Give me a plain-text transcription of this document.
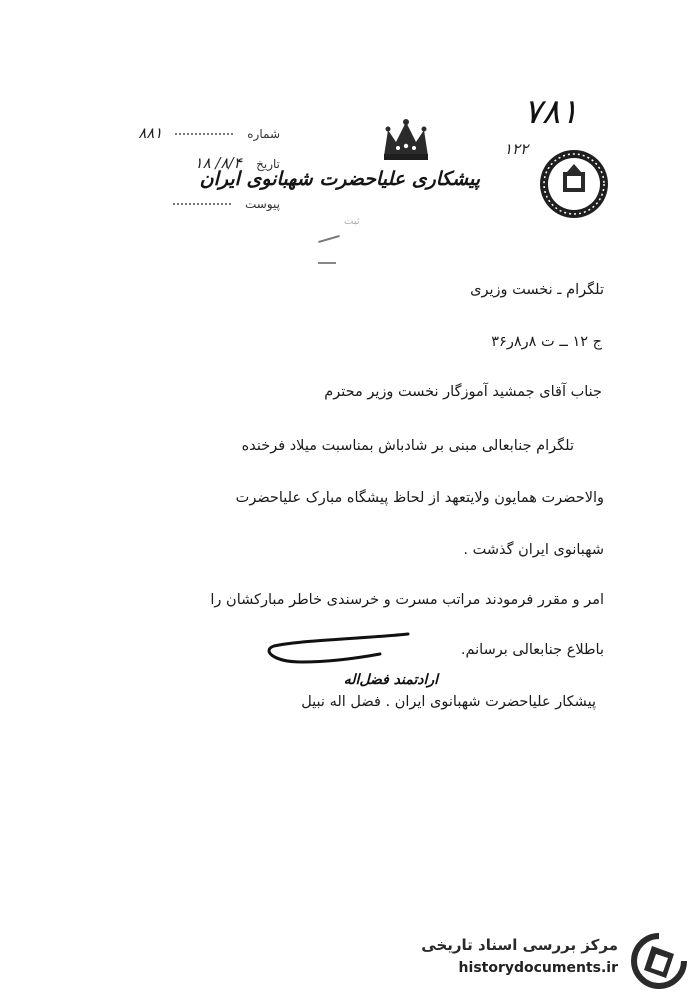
شماره  ۸۸۱
تاریخ ۸/۴/ ۱۸
پیوست
۷۸۱
۱۲۲
پیشکاری علیاحضرت شهبانوی ایران
ثبت
تلگرام ـ نخست وزیری
ج ۱۲ ــ ت ۸ر۸ر۳۶
جناب آقای جمشید آموزگار نخست وزیر محترم
تلگرام جنابعالی مبنی بر شادباش بمناسبت میلاد فرخنده
والاحضرت همایون ولایتعهد از لحاظ پیشگاه مبارک علیاحضرت
شهبانوی ایران گذشت .
امر و مقرر فرمودند مراتب مسرت و خرسندی خاطر مبارکشان را
باطلاع جنابعالی برسانم.
ارادتمند فضل‌اله
پیشکار علیاحضرت شهبانوی ایران . فضل اله نبیل
مرکز بررسی اسناد تاریخی
historydocuments.ir
